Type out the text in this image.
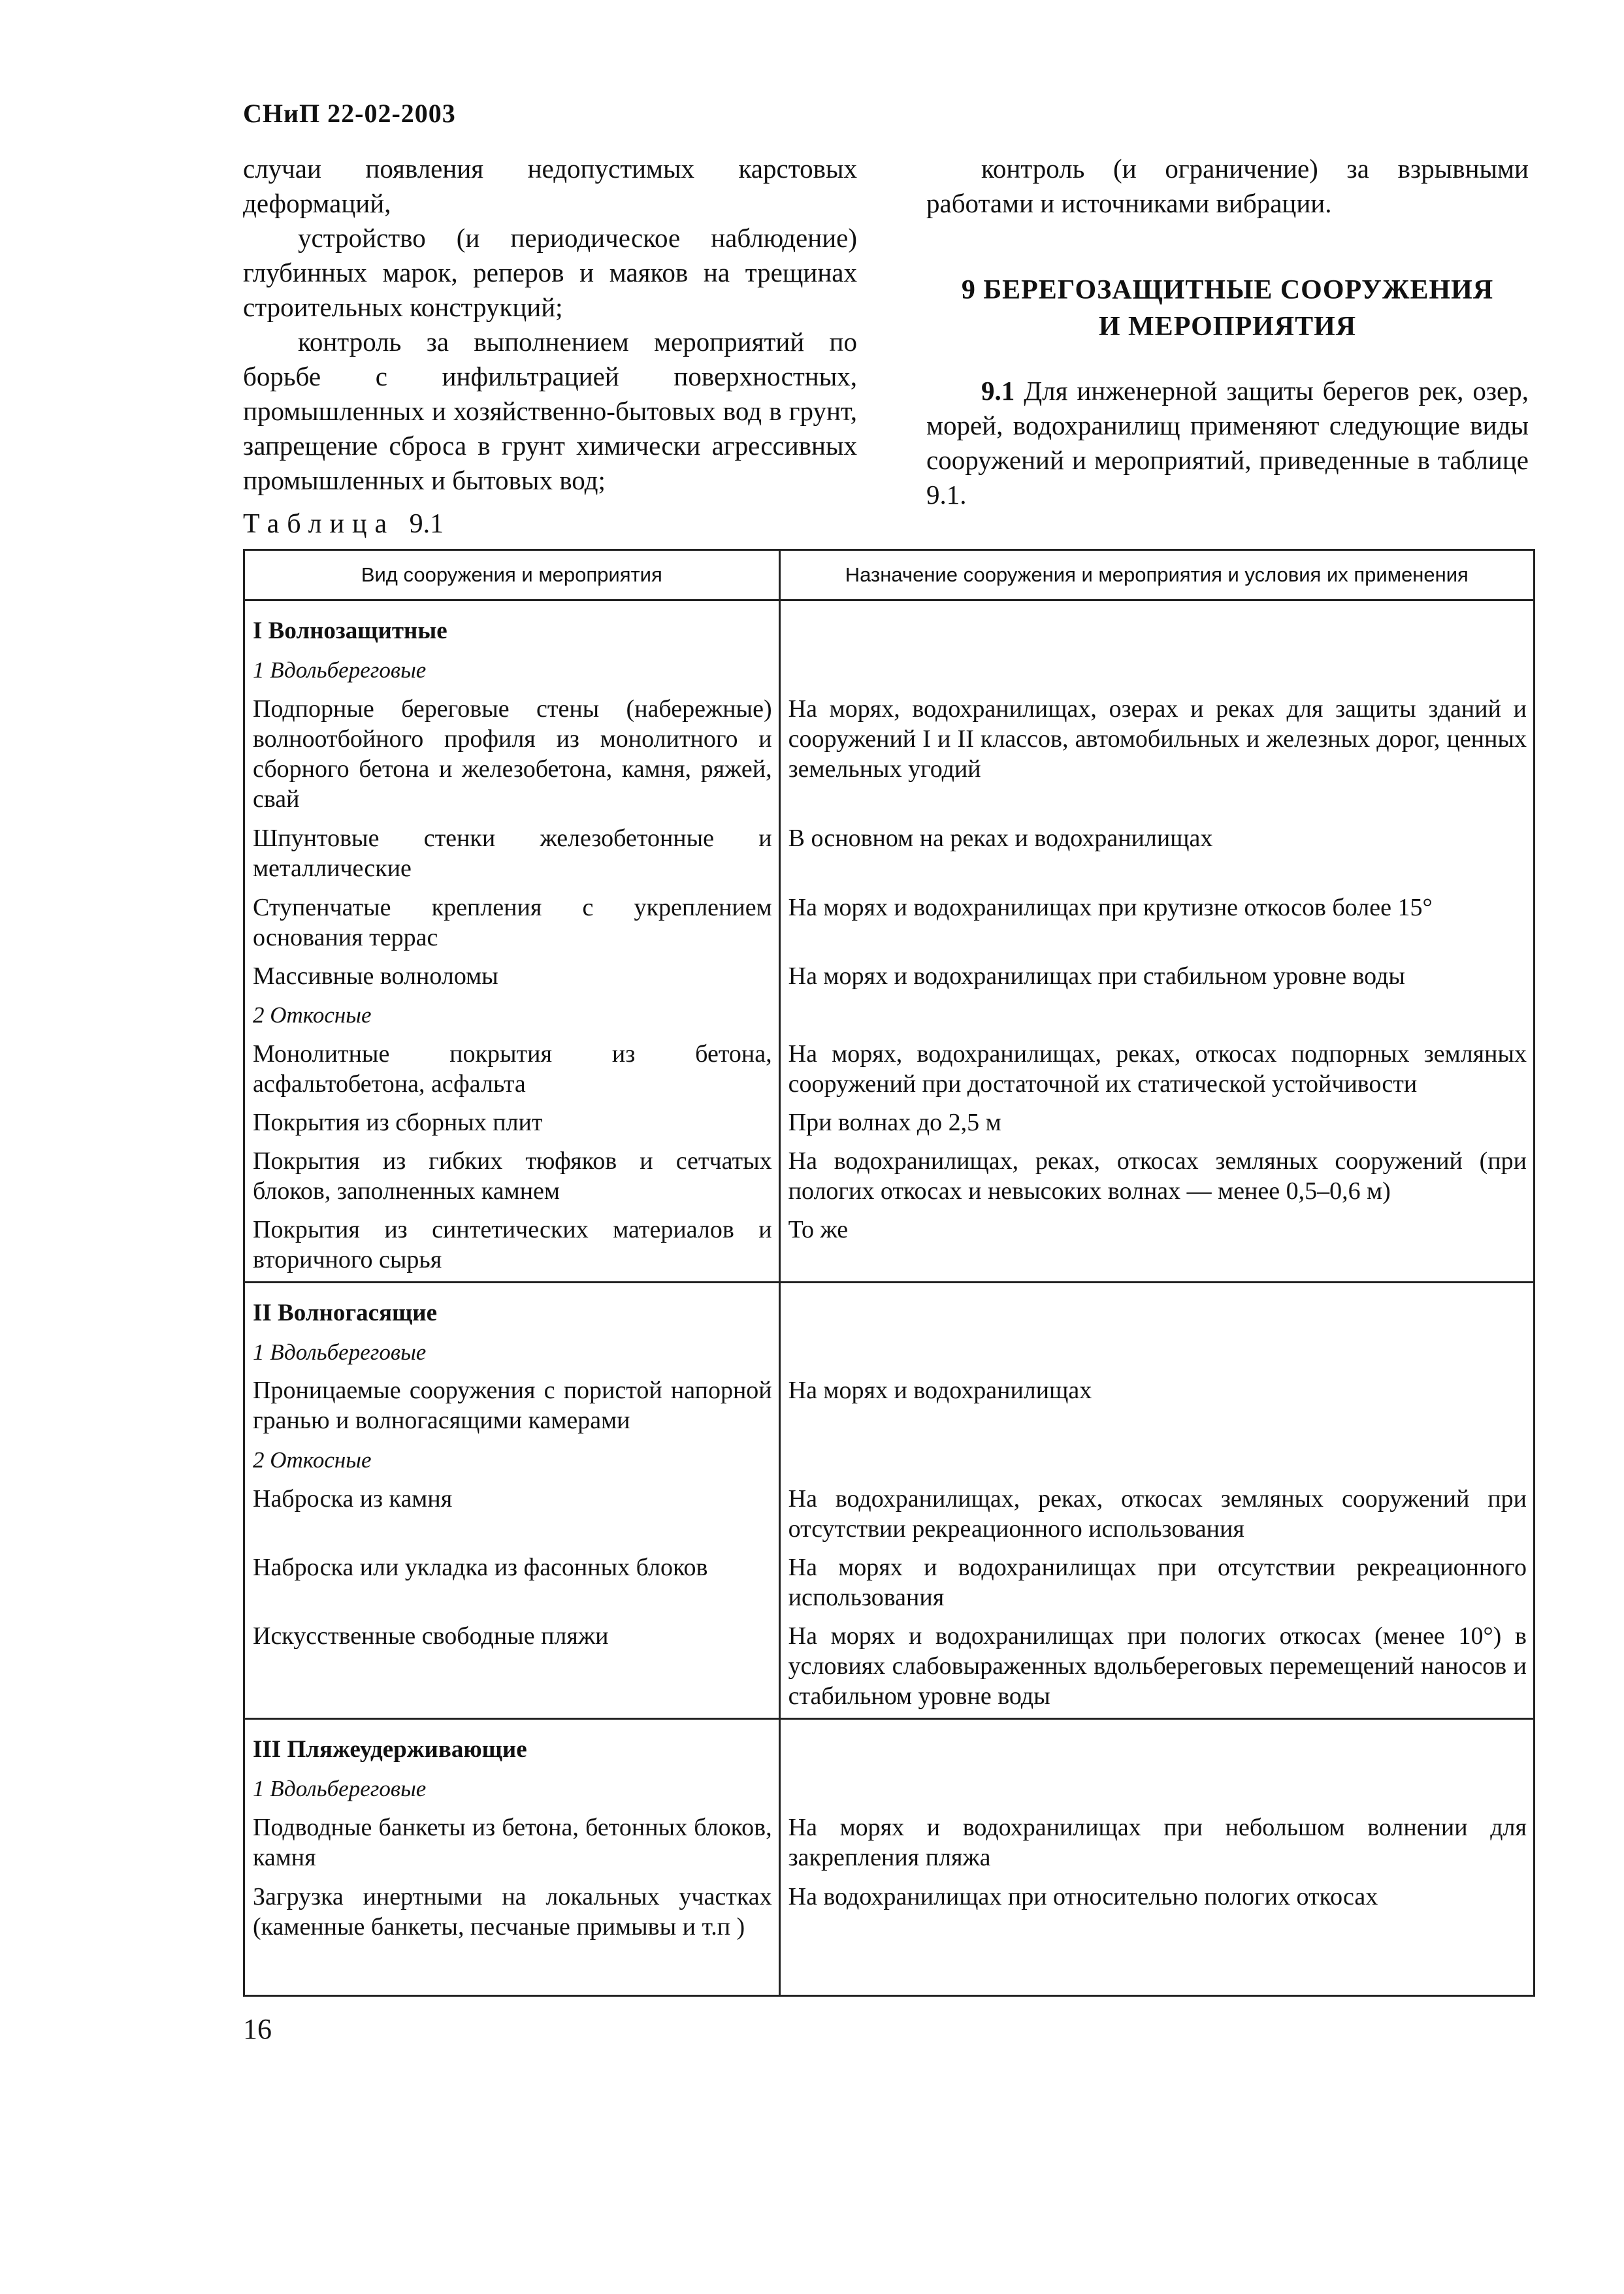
СНиП 22-02-2003

случаи появления недопустимых карстовых деформаций,

устройство (и периодическое наблюдение) глубинных марок, реперов и маяков на трещинах строительных конструкций;

контроль за выполнением мероприятий по борьбе с инфильтрацией поверхностных, промышленных и хозяйственно-бытовых вод в грунт, запрещение сброса в грунт химически агрессивных промышленных и бытовых вод;

контроль (и ограничение) за взрывными работами и источниками вибрации.

9 БЕРЕГОЗАЩИТНЫЕ СООРУЖЕНИЯ
И МЕРОПРИЯТИЯ

9.1 Для инженерной защиты берегов рек, озер, морей, водохранилищ применяют следующие виды сооружений и мероприятий, приведенные в таблице 9.1.

Таблица 9.1
Вид сооружения и мероприятия	Назначение сооружения и мероприятия и условия их применения
I Волнозащитные	
1 Вдольбереговые	
Подпорные береговые стены (набережные) волноотбойного профиля из монолитного и сборного бетона и железобетона, камня, ряжей, свай	На морях, водохранилищах, озерах и реках для защиты зданий и сооружений I и II классов, автомобильных и железных дорог, ценных земельных угодий
Шпунтовые стенки железобетонные и металлические	В основном на реках и водохранилищах
Ступенчатые крепления с укреплением основания террас	На морях и водохранилищах при крутизне откосов более 15°
Массивные волноломы	На морях и водохранилищах при стабильном уровне воды
2 Откосные	
Монолитные покрытия из бетона, асфальтобетона, асфальта	На морях, водохранилищах, реках, откосах подпорных земляных сооружений при достаточной их статической устойчивости
Покрытия из сборных плит	При волнах до 2,5 м
Покрытия из гибких тюфяков и сетчатых блоков, заполненных камнем	На водохранилищах, реках, откосах земляных сооружений (при пологих откосах и невысоких волнах — менее 0,5–0,6 м)
Покрытия из синтетических материалов и вторичного сырья	То же
II Волногасящие	
1 Вдольбереговые	
Проницаемые сооружения с пористой напорной гранью и волногасящими камерами	На морях и водохранилищах
2 Откосные	
Наброска из камня	На водохранилищах, реках, откосах земляных сооружений при отсутствии рекреационного использования
Наброска или укладка из фасонных блоков	На морях и водохранилищах при отсутствии рекреационного использования
Искусственные свободные пляжи	На морях и водохранилищах при пологих откосах (менее 10°) в условиях слабовыраженных вдольбереговых перемещений наносов и стабильном уровне воды
III Пляжеудерживающие	
1 Вдольбереговые	
Подводные банкеты из бетона, бетонных блоков, камня	На морях и водохранилищах при небольшом волнении для закрепления пляжа
Загрузка инертными на локальных участках (каменные банкеты, песчаные примывы и т.п )	На водохранилищах при относительно пологих откосах

16
